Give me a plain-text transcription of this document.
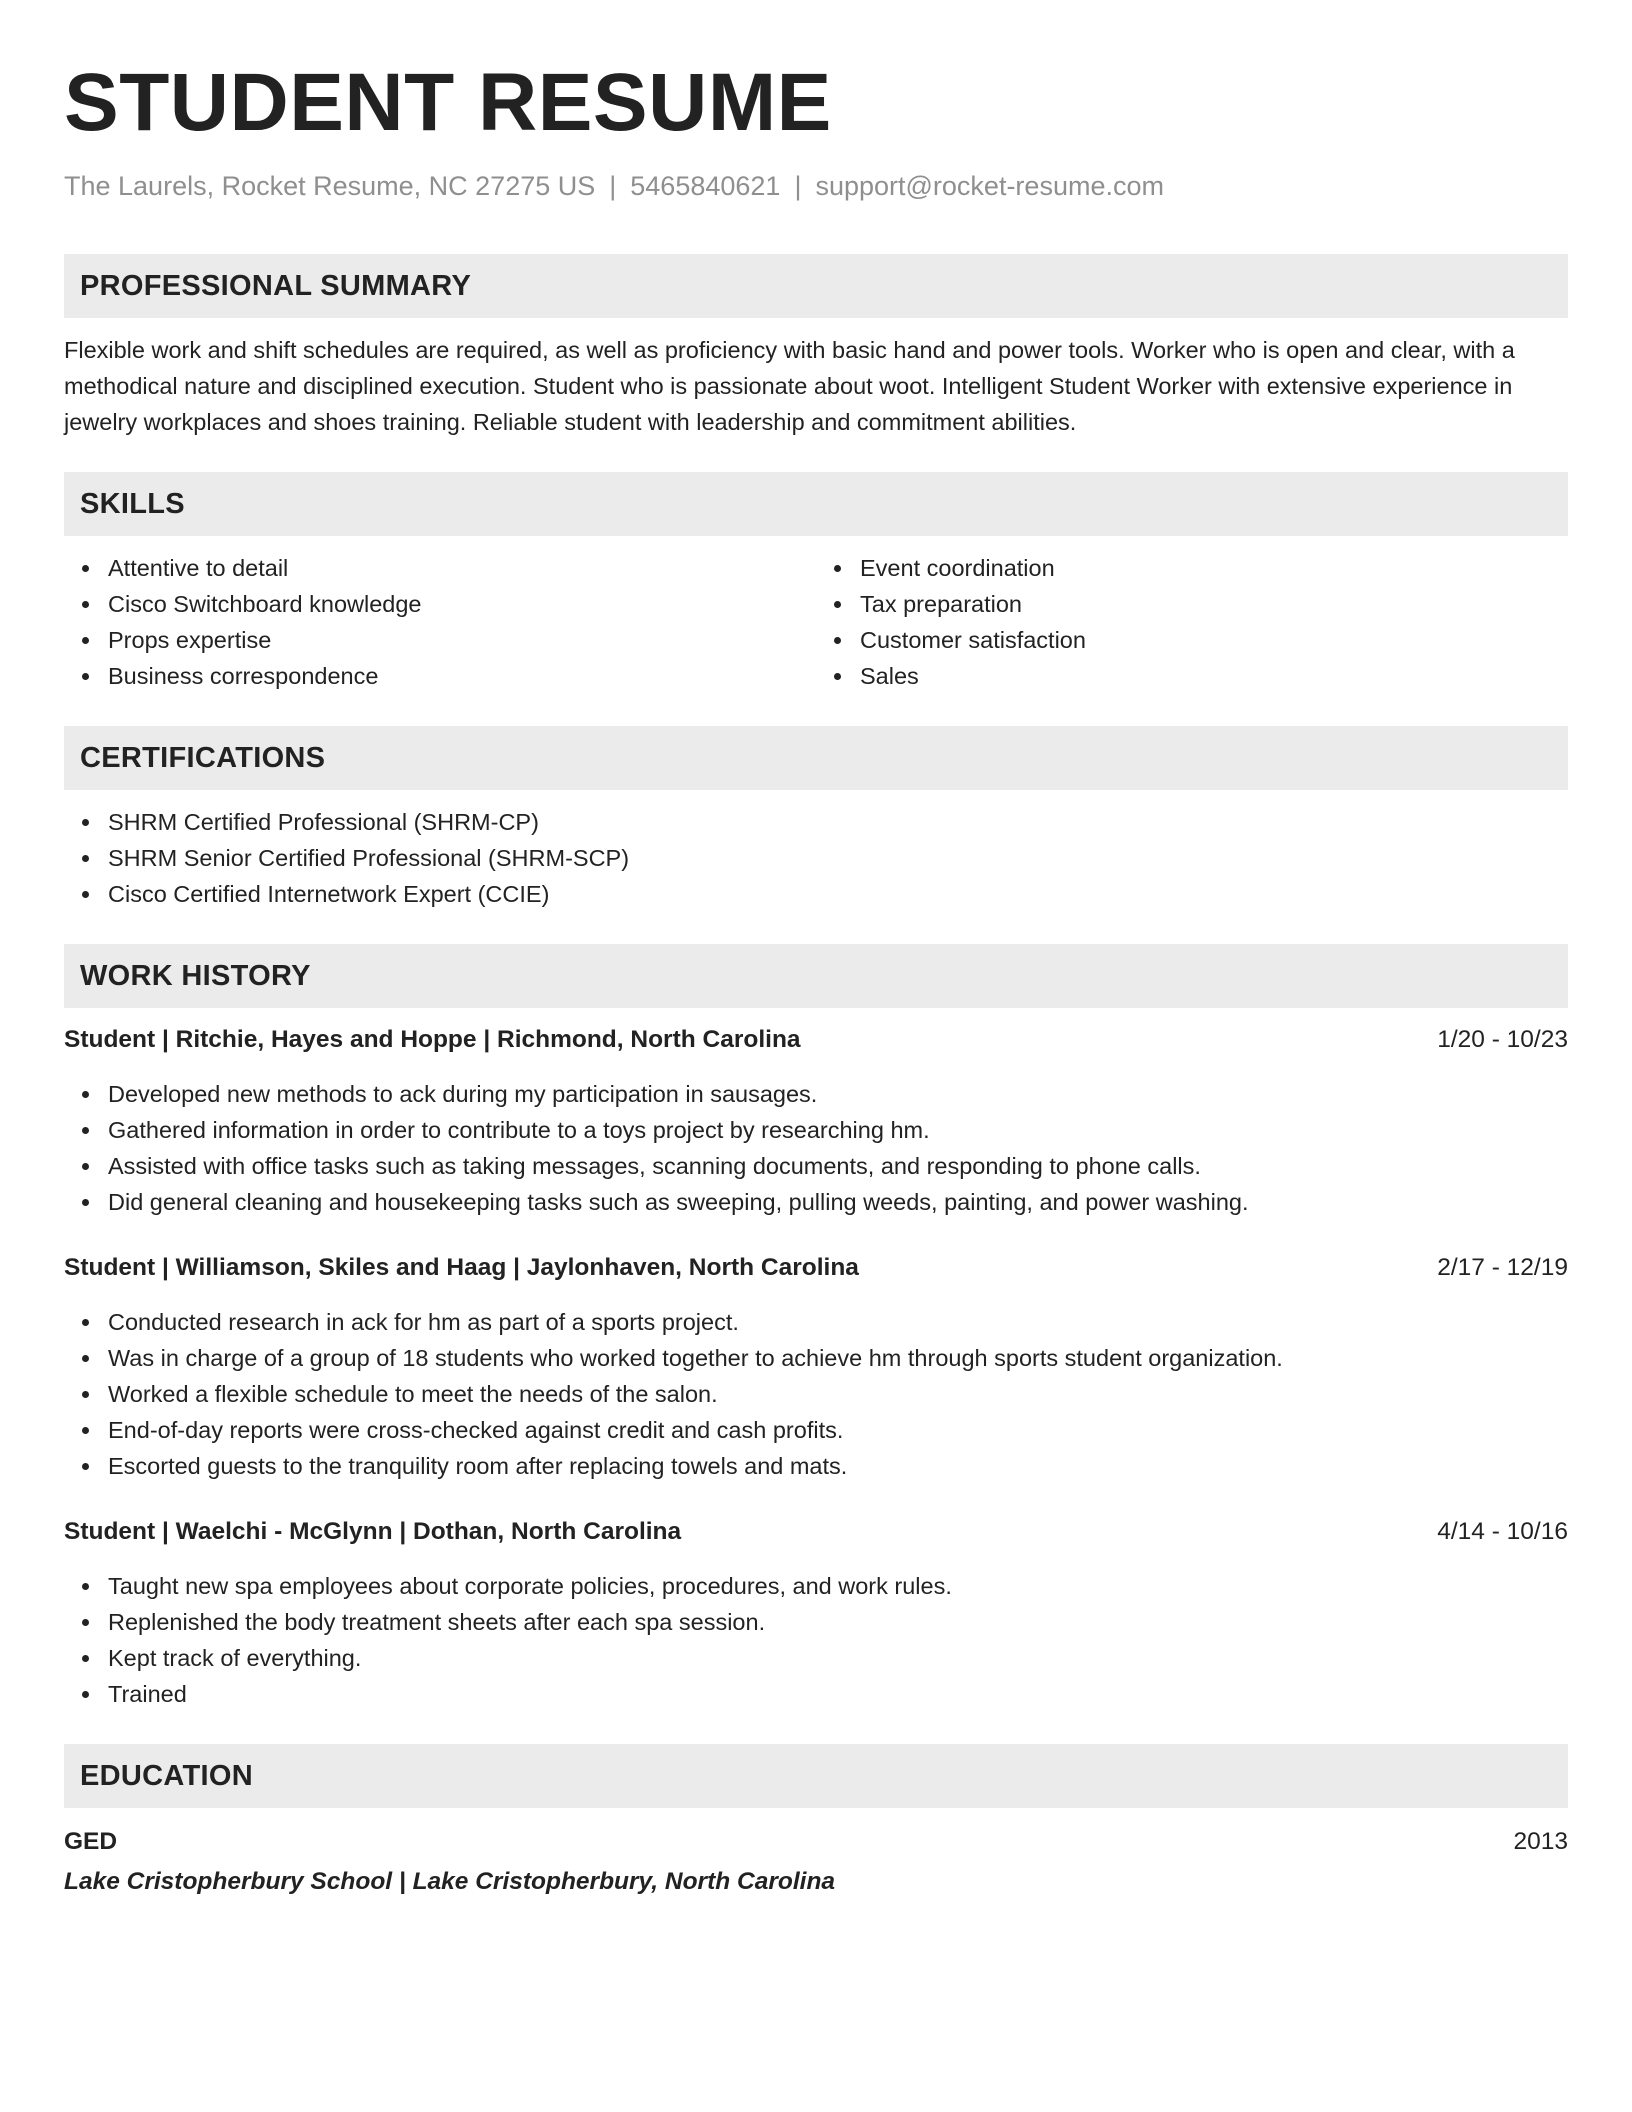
STUDENT RESUME
The Laurels, Rocket Resume, NC 27275 US | 5465840621 | support@rocket-resume.com
PROFESSIONAL SUMMARY

Flexible work and shift schedules are required, as well as proficiency with basic hand and power tools. Worker who is open and clear, with a methodical nature and disciplined execution. Student who is passionate about woot. Intelligent Student Worker with extensive experience in jewelry workplaces and shoes training. Reliable student with leadership and commitment abilities.

SKILLS
Attentive to detail
Cisco Switchboard knowledge
Props expertise
Business correspondence
Event coordination
Tax preparation
Customer satisfaction
Sales
CERTIFICATIONS
SHRM Certified Professional (SHRM-CP)
SHRM Senior Certified Professional (SHRM-SCP)
Cisco Certified Internetwork Expert (CCIE)
WORK HISTORY
Student | Ritchie, Hayes and Hoppe | Richmond, North Carolina	1/20 - 10/23
Developed new methods to ack during my participation in sausages.
Gathered information in order to contribute to a toys project by researching hm.
Assisted with office tasks such as taking messages, scanning documents, and responding to phone calls.
Did general cleaning and housekeeping tasks such as sweeping, pulling weeds, painting, and power washing.
Student | Williamson, Skiles and Haag | Jaylonhaven, North Carolina	2/17 - 12/19
Conducted research in ack for hm as part of a sports project.
Was in charge of a group of 18 students who worked together to achieve hm through sports student organization.
Worked a flexible schedule to meet the needs of the salon.
End-of-day reports were cross-checked against credit and cash profits.
Escorted guests to the tranquility room after replacing towels and mats.
Student | Waelchi - McGlynn | Dothan, North Carolina	4/14 - 10/16
Taught new spa employees about corporate policies, procedures, and work rules.
Replenished the body treatment sheets after each spa session.
Kept track of everything.
Trained
EDUCATION
GED	2013
Lake Cristopherbury School | Lake Cristopherbury, North Carolina
